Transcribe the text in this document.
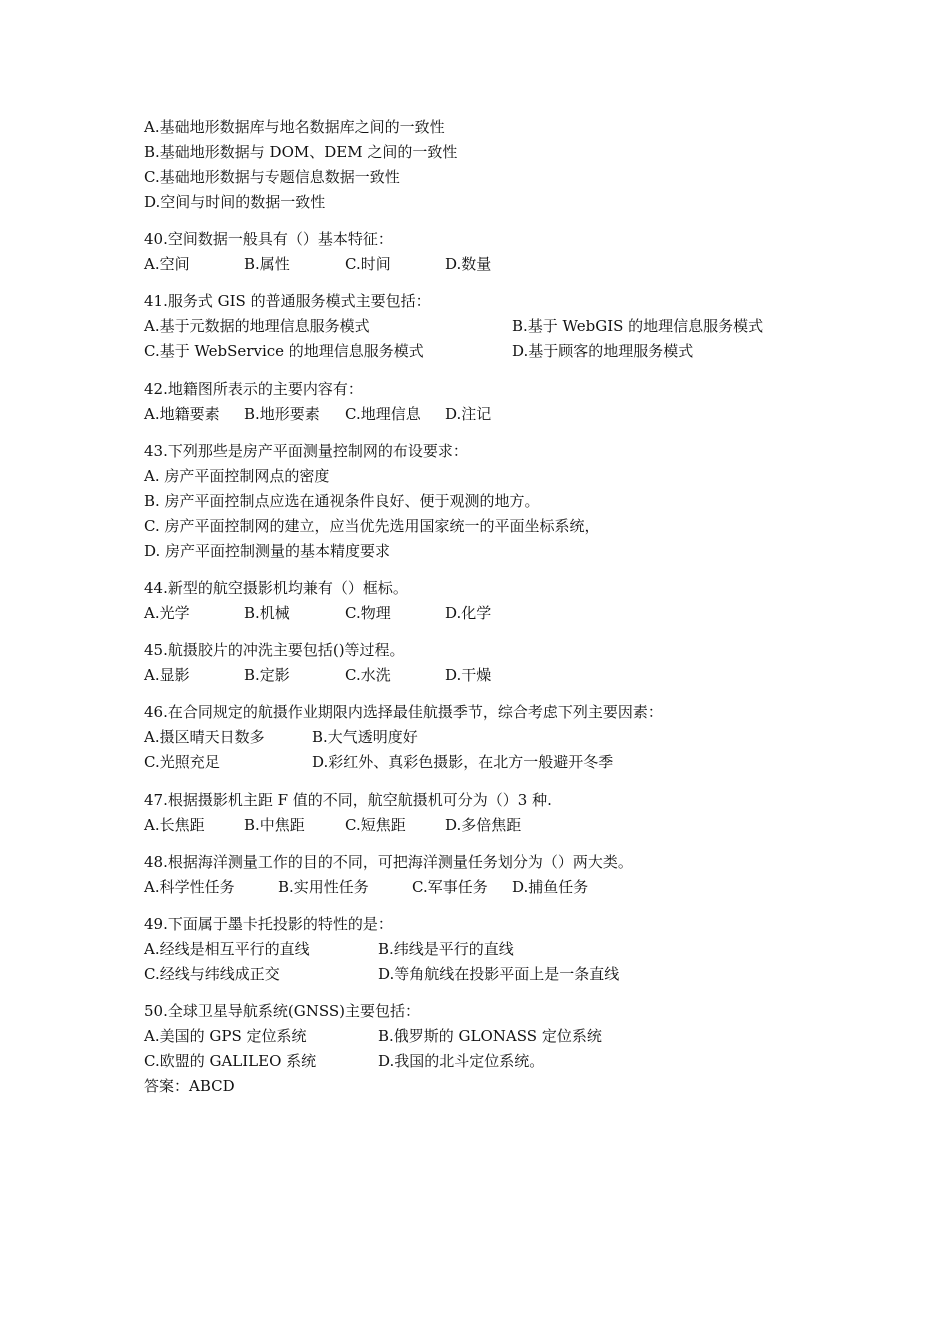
A.基础地形数据库与地名数据库之间的一致性
B.基础地形数据与 DOM、DEM 之间的一致性
C.基础地形数据与专题信息数据一致性
D.空间与时间的数据一致性
40.空间数据一般具有（）基本特征：
A.空间	B.属性	C.时间	D.数量
41.服务式 GIS 的普通服务模式主要包括：
A.基于元数据的地理信息服务模式	B.基于 WebGIS 的地理信息服务模式
C.基于 WebService 的地理信息服务模式	D.基于顾客的地理服务模式
42.地籍图所表示的主要内容有：
A.地籍要素 B.地形要素 C.地理信息 D.注记
43.下列那些是房产平面测量控制网的布设要求：
A. 房产平面控制网点的密度
B. 房产平面控制点应选在通视条件良好、便于观测的地方。
C. 房产平面控制网的建立，应当优先选用国家统一的平面坐标系统，
D. 房产平面控制测量的基本精度要求
44.新型的航空摄影机均兼有（）框标。
A.光学	B.机械	C.物理	D.化学
45.航摄胶片的冲洗主要包括()等过程。
A.显影	B.定影	C.水洗	D.干燥
46.在合同规定的航摄作业期限内选择最佳航摄季节，综合考虑下列主要因素：
A.摄区晴天日数多	B.大气透明度好
C.光照充足	D.彩红外、真彩色摄影，在北方一般避开冬季
47.根据摄影机主距 F 值的不同，航空航摄机可分为（）3 种.
A.长焦距	B.中焦距	C.短焦距	D.多倍焦距
48.根据海洋测量工作的目的不同，可把海洋测量任务划分为（）两大类。
A.科学性任务	B.实用性任务	C.军事任务 D.捕鱼任务
49.下面属于墨卡托投影的特性的是：
A.经线是相互平行的直线	B.纬线是平行的直线
C.经线与纬线成正交	D.等角航线在投影平面上是一条直线
50.全球卫星导航系统(GNSS)主要包括：
A.美国的 GPS 定位系统	B.俄罗斯的 GLONASS 定位系统
C.欧盟的 GALILEO 系统	D.我国的北斗定位系统。
答案：ABCD
